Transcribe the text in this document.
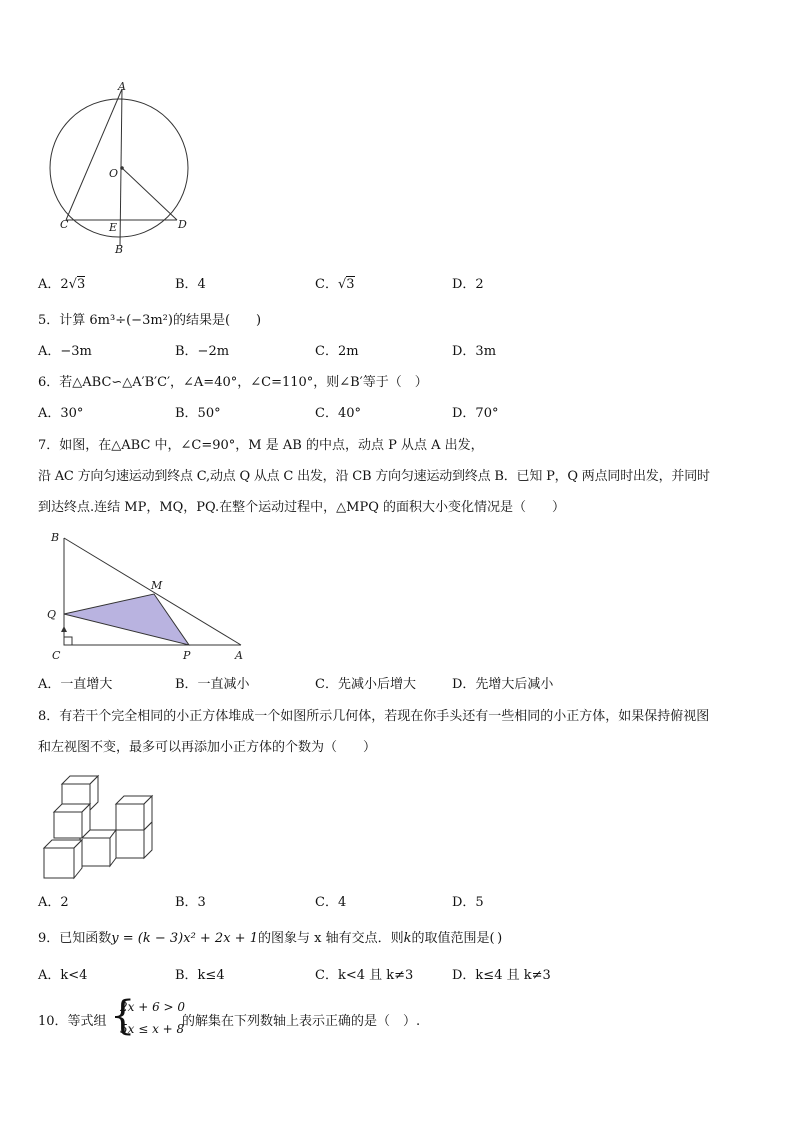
A
O
C	E	D
B
A．2√3	B．4	C．√3	D．2
5．计算 6m³÷(−3m²)的结果是(　　)
A．−3m	B．−2m	C．2m	D．3m
6．若△ABC∽△A′B′C′，∠A=40°，∠C=110°，则∠B′等于（　）
A．30°	B．50°	C．40°	D．70°
7．如图，在△ABC 中，∠C=90°，M 是 AB 的中点，动点 P 从点 A 出发，
沿 AC 方向匀速运动到终点 C,动点 Q 从点 C 出发，沿 CB 方向匀速运动到终点 B．已知 P，Q 两点同时出发，并同时
到达终点.连结 MP，MQ，PQ.在整个运动过程中，△MPQ 的面积大小变化情况是（　　）
B
M
Q
C	P	A
A．一直增大	B．一直减小	C．先减小后增大	D．先增大后减小
8．有若干个完全相同的小正方体堆成一个如图所示几何体，若现在你手头还有一些相同的小正方体，如果保持俯视图
和左视图不变，最多可以再添加小正方体的个数为（　　）
A．2	B．3	C．4	D．5
9．已知函数y = (k − 3)x² + 2x + 1的图象与 x 轴有交点．则k的取值范围是( )
A．k<4	B．k≤4	C．k<4 且 k≠3	D．k≤4 且 k≠3
10．等式组 {
2x + 6 > 0
5x ≤ x + 8
的解集在下列数轴上表示正确的是（　）.
